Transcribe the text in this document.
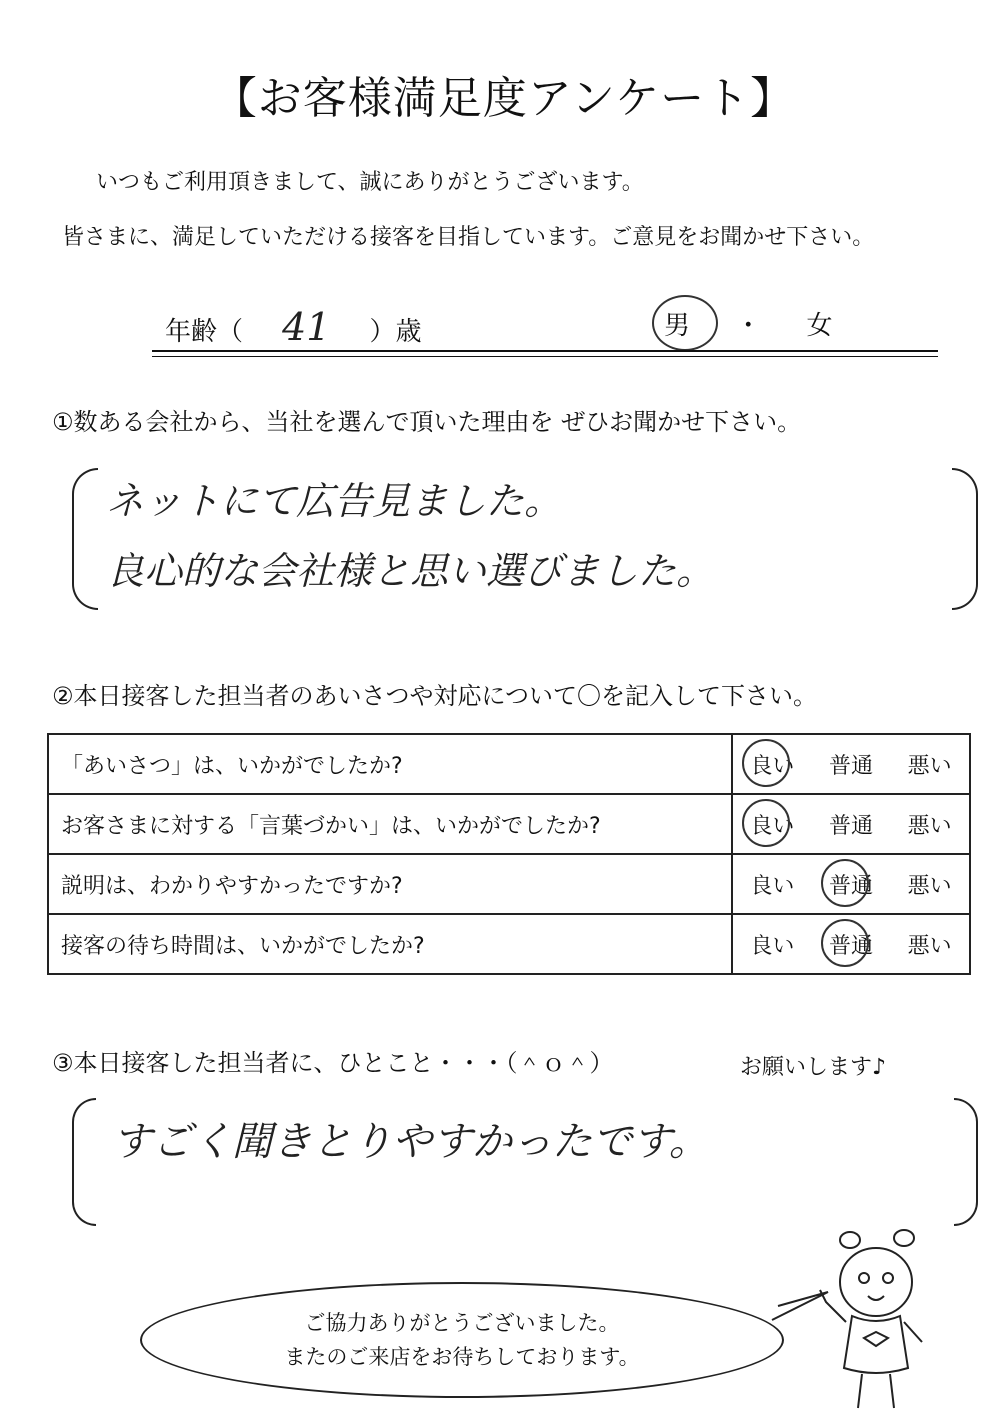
【お客様満足度アンケート】
いつもご利用頂きまして、誠にありがとうございます。
皆さまに、満足していただける接客を目指しています。ご意見をお聞かせ下さい。
年齢（ 41 ）歳	男 ・ 女
①数ある会社から、当社を選んで頂いた理由を ぜひお聞かせ下さい。
ネットにて広告見ました。
良心的な会社様と思い選びました。
②本日接客した担当者のあいさつや対応について〇を記入して下さい。
「あいさつ」は、いかがでしたか?	良い 普通 悪い

お客さまに対する「言葉づかい」は、いかがでしたか?	良い 普通 悪い

説明は、わかりやすかったですか?	良い 普通 悪い

接客の待ち時間は、いかがでしたか?	良い 普通 悪い
③本日接客した担当者に、ひとこと・・・（＾ｏ＾）	お願いします♪
すごく聞きとりやすかったです。
ご協力ありがとうございました。
またのご来店をお待ちしております。
